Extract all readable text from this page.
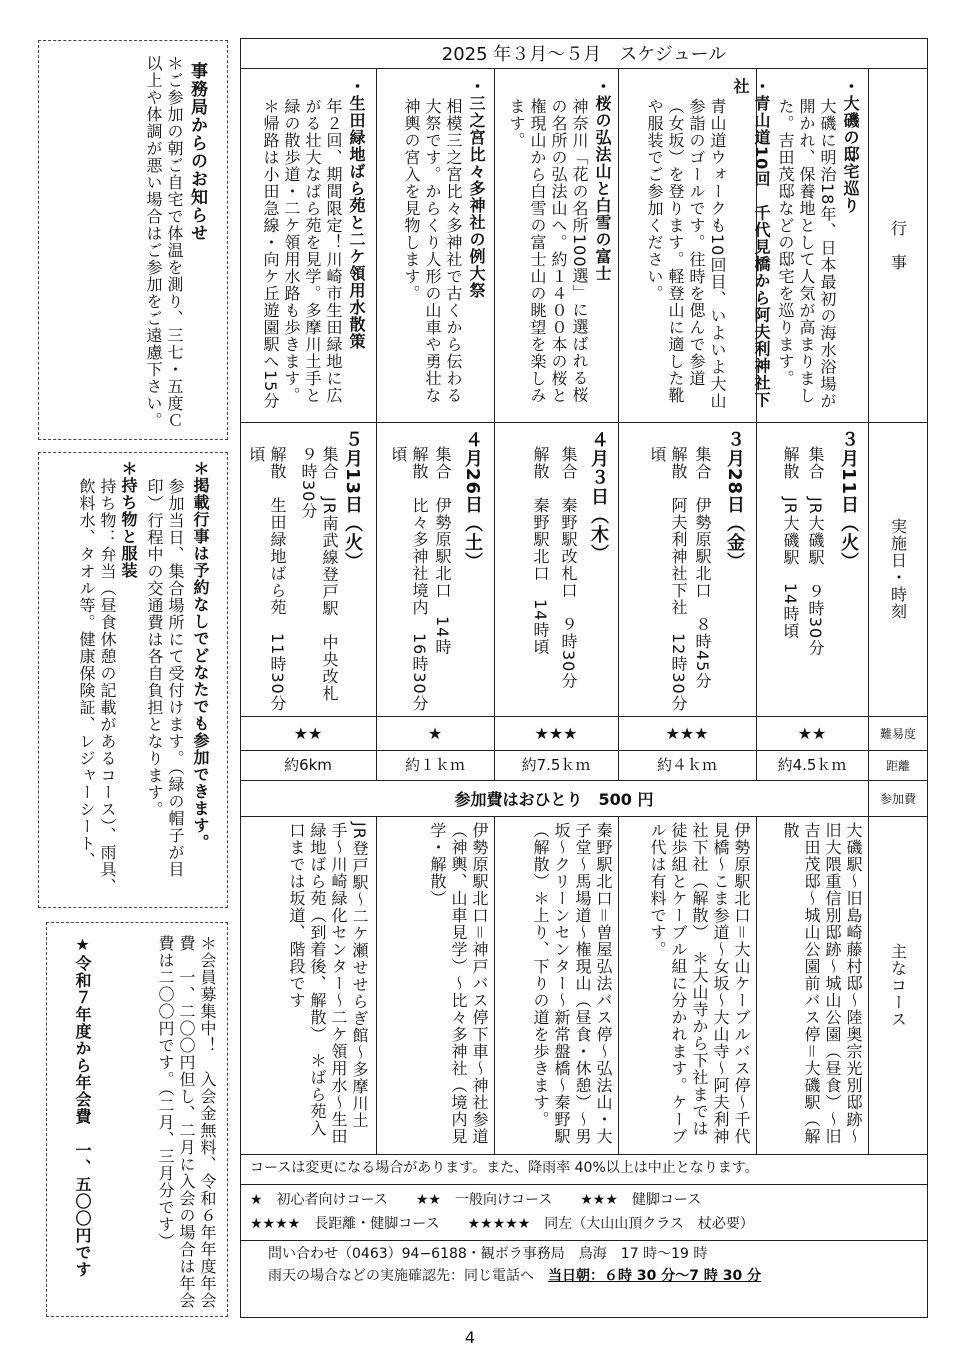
事務局からのお知らせ
＊ご参加の朝ご自宅で体温を測り、三七・五度Ｃ以上や体調が悪い場合はご参加をご遠慮下さい。
＊掲載行事は予約なしでどなたでも参加できます。
参加当日、集合場所にて受付けます。（緑の帽子が目印）行程中の交通費は各自負担となります。
＊持ち物と服装
持ち物：弁当（昼食休憩の記載があるコース）、雨具、飲料水、タオル等。健康保険証、レジャーシート、
＊会員募集中！　入会金無料、令和６年年度年会費　一、二〇〇円但し、二月に入会の場合は年会費は二〇〇円です。（二月、三月分です）
★令和７年度から年会費　一、五〇〇円です
2025 年３月〜５月　スケジュール
行　事
実施日・時刻
難易度
距離
参加費
主なコース
・大磯の邸宅巡り
大磯に明治18年、日本最初の海水浴場が開かれ、保養地として人気が高まりました。吉田茂邸などの邸宅を巡ります。
３月11日（火）
集合　JR大磯駅　９時30分
解散　JR大磯駅　14時頃
★★
約4.5ｋｍ
大磯駅〜旧島崎藤村邸〜陸奥宗光別邸跡〜旧大隈重信別邸跡〜城山公園（昼食）〜旧吉田茂邸〜城山公園前バス停＝大磯駅（解散
・青山道10回　千代見橋から阿夫利神社下社
青山道ウォークも10回目、いよいよ大山参詣のゴールです。往時を偲んで参道（女坂）を登ります。軽登山に適した靴や服装でご参加ください。
３月28日（金）
集合　伊勢原駅北口　８時45分
解散　阿夫利神社下社　12時30分頃
★★★
約４ｋｍ
伊勢原駅北口＝大山ケーブルバス停〜千代見橋〜こま参道〜女坂〜大山寺〜阿夫利神社下社（解散）　＊大山寺から下社までは徒歩組とケーブル組に分かれます。ケーブル代は有料です。
・桜の弘法山と白雪の富士
神奈川「花の名所100選」に選ばれる桜の名所の弘法山へ。約１４００本の桜と権現山から白雪の富士山の眺望を楽しみます。
４月３日（木）
集合　秦野駅改札口　９時30分
解散　秦野駅北口　14時頃
★★★
約7.5ｋｍ
秦野駅北口＝曽屋弘法バス停〜弘法山・大子堂〜馬場道〜権現山（昼食・休憩）〜男坂〜クリーンセンター〜新常盤橋〜秦野駅（解散）＊上り、下りの道を歩きます。
・三之宮比々多神社の例大祭
相模三之宮比々多神社で古くから伝わる大祭です。からくり人形の山車や勇壮な神輿の宮入を見物します。
４月26日（土）
集合　伊勢原駅北口　14時
解散　比々多神社境内　16時30分頃
★
約１ｋｍ
伊勢原駅北口＝神戸バス停下車〜神社参道（神輿、山車見学）〜比々多神社（境内見学・解散）
・生田緑地ばら苑と二ケ領用水散策
年２回、期間限定！川崎市生田緑地に広がる壮大なばら苑を見学。多摩川土手と緑の散歩道・二ケ領用水路も歩きます。　＊帰路は小田急線・向ケ丘遊園駅へ15分
５月13日（火）
集合　JR南武線登戸駅　中央改札　９時30分
解散　生田緑地ばら苑　11時30分頃
★★
約6km
JR登戸駅〜二ケ瀬せせらぎ館〜多摩川土手〜川崎緑化センター〜二ケ領用水〜生田緑地ばら苑（到着後、解散）　＊ばら苑入口までは坂道、階段です
参加費はおひとり　500 円
コースは変更になる場合があります。また、降雨率 40%以上は中止となります。
★　初心者向けコース　　★★　一般向けコース　　★★★　健脚コース
★★★★　長距離・健脚コース　　★★★★★　同左（大山山頂クラス　杖必要）
問い合わせ（0463）94−6188・観ボラ事務局　鳥海　17 時〜19 時
雨天の場合などの実施確認先：同じ電話へ　当日朝：６時 30 分〜7 時 30 分
4
